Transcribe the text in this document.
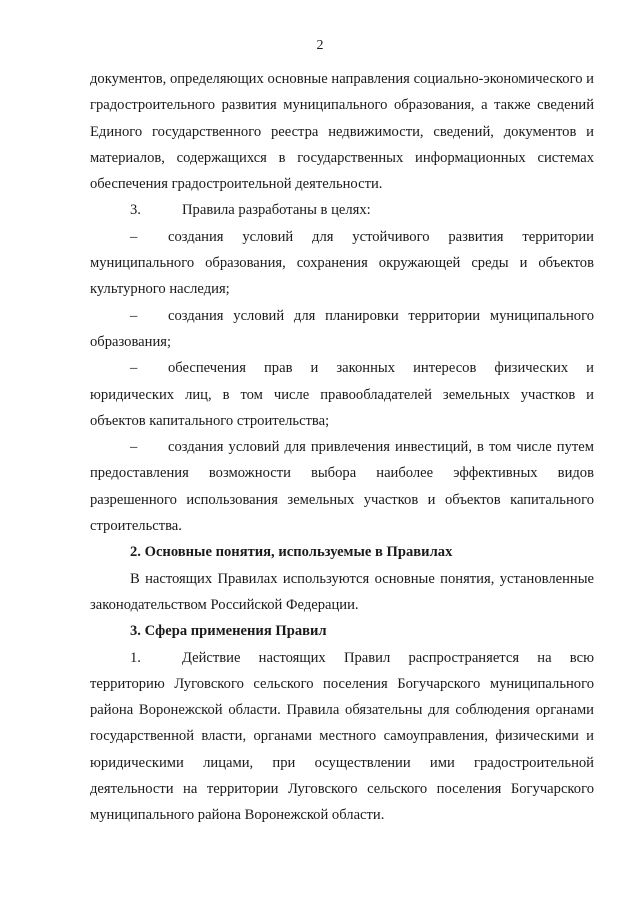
2

документов, определяющих основные направления социально-экономического и градостроительного развития муниципального образования, а также сведений Единого государственного реестра недвижимости, сведений, документов и материалов, содержащихся в государственных информационных системах обеспечения градостроительной деятельности.

3.	Правила разработаны в целях:

– создания условий для устойчивого развития территории муниципального образования, сохранения окружающей среды и объектов культурного наследия;

– создания условий для планировки территории муниципального образования;

– обеспечения прав и законных интересов физических и юридических лиц, в том числе правообладателей земельных участков и объектов капитального строительства;

– создания условий для привлечения инвестиций, в том числе путем предоставления возможности выбора наиболее эффективных видов разрешенного использования земельных участков и объектов капитального строительства.

2. Основные понятия, используемые в Правилах

В настоящих Правилах используются основные понятия, установленные законодательством Российской Федерации.

3. Сфера применения Правил

1.	Действие настоящих Правил распространяется на всю территорию Луговского сельского поселения Богучарского муниципального района Воронежской области. Правила обязательны для соблюдения органами государственной власти, органами местного самоуправления, физическими и юридическими лицами, при осуществлении ими градостроительной деятельности на территории Луговского сельского поселения Богучарского муниципального района Воронежской области.
